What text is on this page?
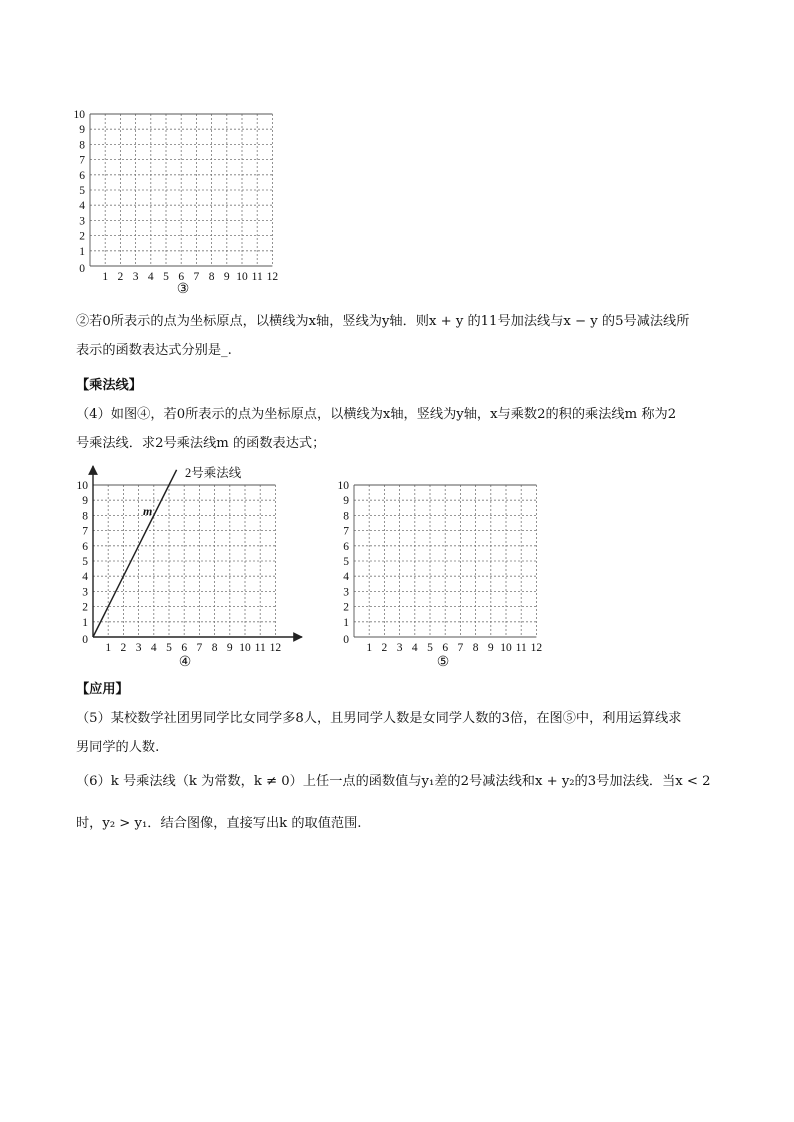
0
1
2
3
4
5
6
7
8
9
10
1 2 3 4 5 6 7 8 9 10 11 12
③
②若0所表示的点为坐标原点，以横线为x轴，竖线为y轴．则x + y 的11号加法线与x − y 的5号减法线所
表示的函数表达式分别是_.
【乘法线】
（4）如图④，若0所表示的点为坐标原点，以横线为x轴，竖线为y轴，x与乘数2的积的乘法线m 称为2
号乘法线．求2号乘法线m 的函数表达式；
2号乘法线
m
0
1
2
3
4
5
6
7
8
9
10
1 2 3 4 5 6 7 8 9 10 11 12
④
0
1
2
3
4
5
6
7
8
9
10
1 2 3 4 5 6 7 8 9 10 11 12
⑤
【应用】
（5）某校数学社团男同学比女同学多8人，且男同学人数是女同学人数的3倍，在图⑤中，利用运算线求
男同学的人数.
（6）k 号乘法线（k 为常数，k ≠ 0）上任一点的函数值与y₁差的2号减法线和x + y₂的3号加法线．当x < 2
时，y₂ > y₁．结合图像，直接写出k 的取值范围.
